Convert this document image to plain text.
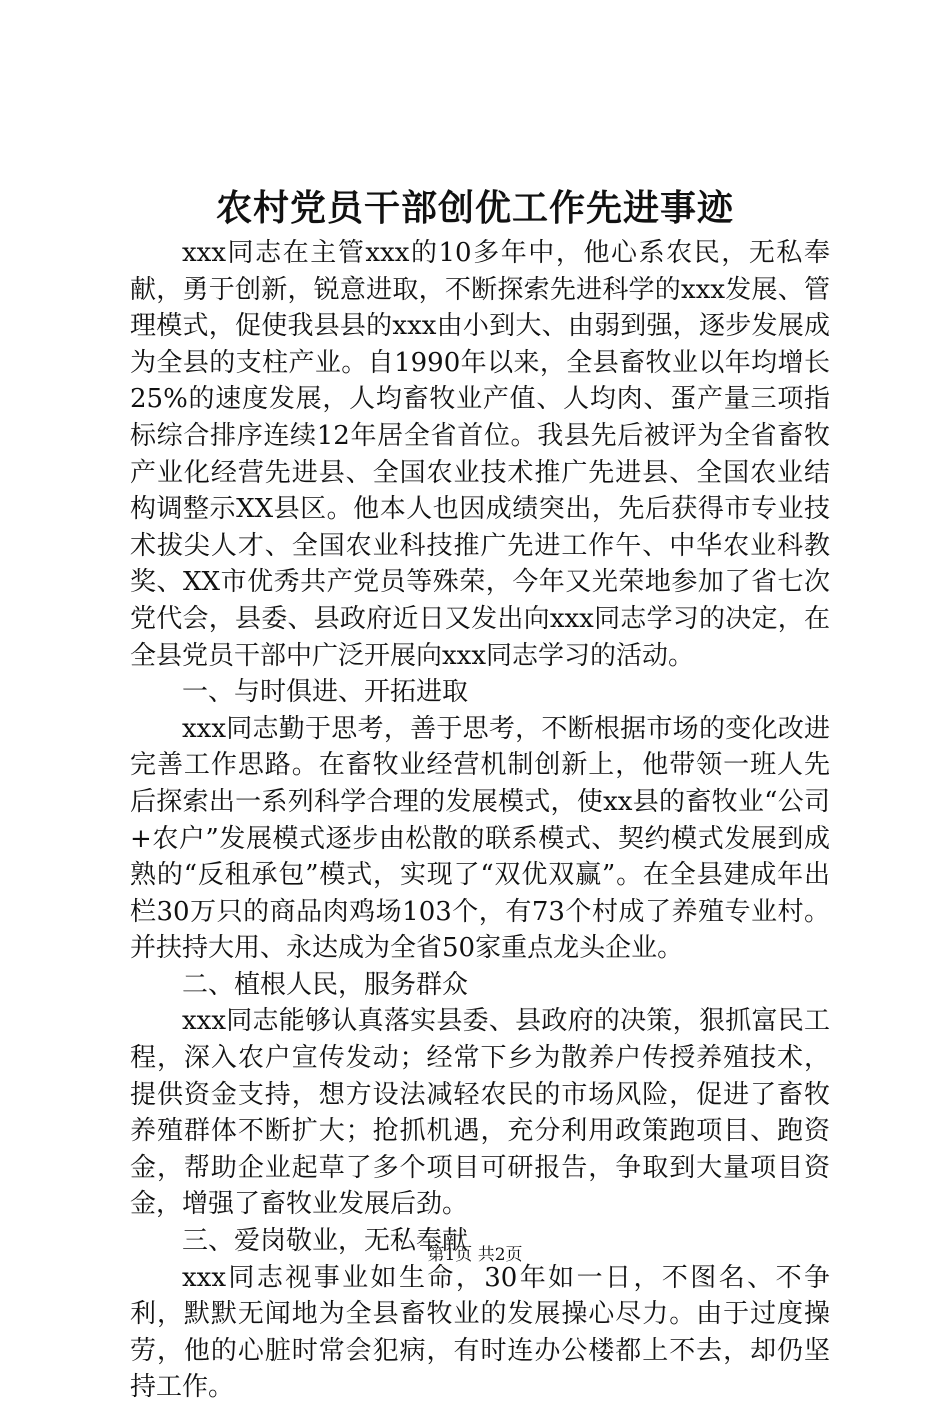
农村党员干部创优工作先进事迹

xxx同志在主管xxx的10多年中，他心系农民，无私奉献，勇于创新，锐意进取，不断探索先进科学的xxx发展、管理模式，促使我县县的xxx由小到大、由弱到强，逐步发展成为全县的支柱产业。自1990年以来，全县畜牧业以年均增长25%的速度发展，人均畜牧业产值、人均肉、蛋产量三项指标综合排序连续12年居全省首位。我县先后被评为全省畜牧产业化经营先进县、全国农业技术推广先进县、全国农业结构调整示XX县区。他本人也因成绩突出，先后获得市专业技术拔尖人才、全国农业科技推广先进工作午、中华农业科教奖、XX市优秀共产党员等殊荣，今年又光荣地参加了省七次党代会，县委、县政府近日又发出向xxx同志学习的决定，在全县党员干部中广泛开展向xxx同志学习的活动。

一、与时俱进、开拓进取

xxx同志勤于思考，善于思考，不断根据市场的变化改进完善工作思路。在畜牧业经营机制创新上，他带领一班人先后探索出一系列科学合理的发展模式，使xx县的畜牧业“公司+农户”发展模式逐步由松散的联系模式、契约模式发展到成熟的“反租承包”模式，实现了“双优双赢”。在全县建成年出栏30万只的商品肉鸡场103个，有73个村成了养殖专业村。并扶持大用、永达成为全省50家重点龙头企业。

二、植根人民，服务群众

xxx同志能够认真落实县委、县政府的决策，狠抓富民工程，深入农户宣传发动；经常下乡为散养户传授养殖技术，提供资金支持，想方设法减轻农民的市场风险，促进了畜牧养殖群体不断扩大；抢抓机遇，充分利用政策跑项目、跑资金，帮助企业起草了多个项目可研报告，争取到大量项目资金，增强了畜牧业发展后劲。

三、爱岗敬业，无私奉献

xxx同志视事业如生命，30年如一日，不图名、不争利，默默无闻地为全县畜牧业的发展操心尽力。由于过度操劳，他的心脏时常会犯病，有时连办公楼都上不去，却仍坚持工作。

第1页 共2页
